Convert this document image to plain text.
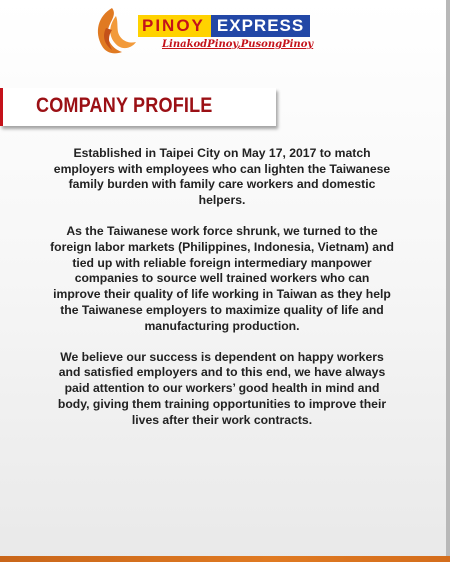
PINOY EXPRESS
LinakodPinoy,PusongPinoy
COMPANY PROFILE

Established in Taipei City on May 17, 2017 to match employers with employees who can lighten the Taiwanese family burden with family care workers and domestic helpers.

As the Taiwanese work force shrunk, we turned to the foreign labor markets (Philippines, Indonesia, Vietnam) and tied up with reliable foreign intermediary manpower companies to source well trained workers who can improve their quality of life working in Taiwan as they help the Taiwanese employers to maximize quality of life and manufacturing production.

We believe our success is dependent on happy workers and satisfied employers and to this end, we have always paid attention to our workers’ good health in mind and body, giving them training opportunities to improve their lives after their work contracts.
